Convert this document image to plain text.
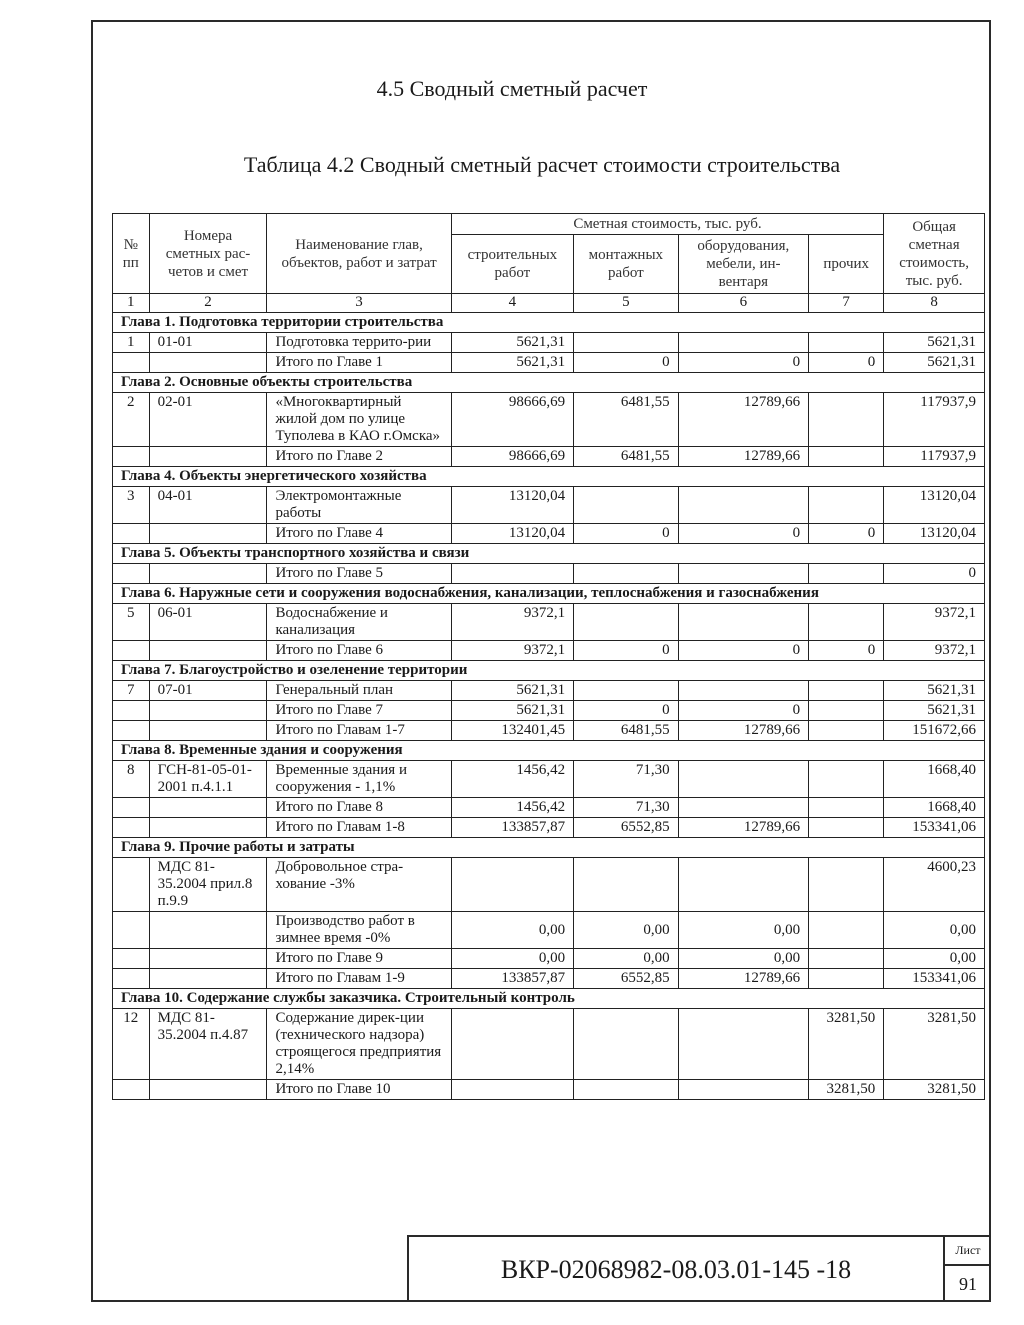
4.5 Сводный сметный расчет
Таблица 4.2 Сводный сметный расчет стоимости строительства
№ пп	Номера сметных рас-четов и смет	Наименование глав, объектов, работ и затрат	Сметная стоимость, тыс. руб.				Общая сметная стоимость, тыс. руб.
			строительных работ	монтажных работ	оборудования, мебели, ин-вентаря	прочих	
1	2	3	4	5	6	7	8
Глава 1. Подготовка территории строительства							
1	01-01	Подготовка террито-рии	5621,31				5621,31
		Итого по Главе 1	5621,31	0	0	0	5621,31
Глава 2. Основные объекты строительства							
2	02-01	«Многоквартирный жилой дом по улице Туполева в КАО г.Омска»	98666,69	6481,55	12789,66		117937,9
		Итого по Главе 2	98666,69	6481,55	12789,66		117937,9
Глава 4. Объекты энергетического хозяйства							
3	04-01	Электромонтажные работы	13120,04				13120,04
		Итого по Главе 4	13120,04	0	0	0	13120,04
Глава 5. Объекты транспортного хозяйства и связи							
		Итого по Главе 5					0
Глава 6. Наружные сети и сооружения водоснабжения, канализации, теплоснабжения и газоснабжения							
5	06-01	Водоснабжение и канализация	9372,1				9372,1
		Итого по Главе 6	9372,1	0	0	0	9372,1
Глава 7. Благоустройство и озеленение территории							
7	07-01	Генеральный план	5621,31				5621,31
		Итого по Главе 7	5621,31	0	0		5621,31
		Итого по Главам 1-7	132401,45	6481,55	12789,66		151672,66
Глава 8. Временные здания и сооружения							
8	ГСН-81-05-01-2001 п.4.1.1	Временные здания и сооружения - 1,1%	1456,42	71,30			1668,40
		Итого по Главе 8	1456,42	71,30			1668,40
		Итого по Главам 1-8	133857,87	6552,85	12789,66		153341,06
Глава 9. Прочие работы и затраты							
	МДС 81-35.2004 прил.8 п.9.9	Добровольное стра-хование -3%					4600,23
		Производство работ в зимнее время -0%	0,00	0,00	0,00		0,00
		Итого по Главе 9	0,00	0,00	0,00		0,00
		Итого по Главам 1-9	133857,87	6552,85	12789,66		153341,06
Глава 10. Содержание службы заказчика. Строительный контроль							
12	МДС 81-35.2004 п.4.87	Содержание дирек-ции (технического надзора) строящегося предприятия 2,14%				3281,50	3281,50
		Итого по Главе 10				3281,50	3281,50
ВКР-02068982-08.03.01-145 -18
Лист
91
